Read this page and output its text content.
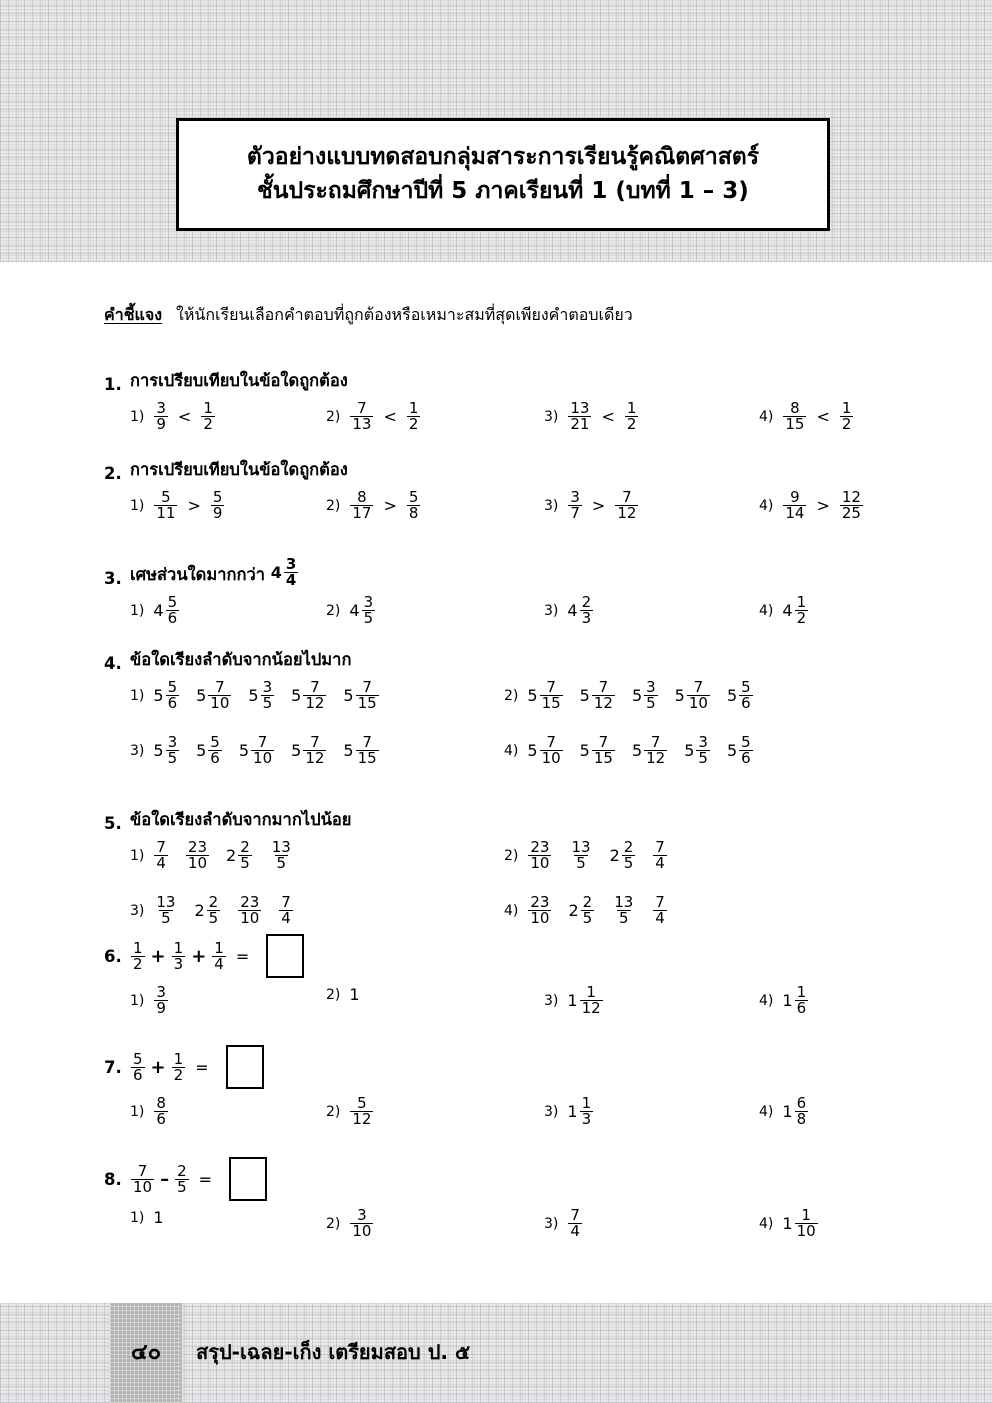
ตัวอย่างแบบทดสอบกลุ่มสาระการเรียนรู้คณิตศาสตร์
ชั้นประถมศึกษาปีที่ 5 ภาคเรียนที่ 1 (บทที่ 1 – 3)
คำชี้แจง ให้นักเรียนเลือกคำตอบที่ถูกต้องหรือเหมาะสมที่สุดเพียงคำตอบเดียว
1. การเปรียบเทียบในข้อใดถูกต้อง
$1) \frac{3}{9} < \frac{1}{2}$	$2) \frac{7}{13} < \frac{1}{2}$	$3) \frac{13}{21} < \frac{1}{2}$	$4) \frac{8}{15} < \frac{1}{2}$
2. การเปรียบเทียบในข้อใดถูกต้อง
$1) \frac{5}{11} > \frac{5}{9}$	$2) \frac{8}{17} > \frac{5}{8}$	$3) \frac{3}{7} > \frac{7}{12}$	$4) \frac{9}{14} > \frac{12}{25}$
3. เศษส่วนใดมากกว่า
$4 \frac{3}{4}$
1) $4 \frac{5}{6}$	2) $4 \frac{3}{5}$	3) $4 \frac{2}{3}$	4) $4 \frac{1}{2}$
4. ข้อใดเรียงลำดับจากน้อยไปมาก
1) $5 \frac{5}{6} 5 \frac{7}{10} 5 \frac{3}{5} 5 \frac{7}{12} 5 \frac{7}{15}$	2) $5 \frac{7}{15} 5 \frac{7}{12} 5 \frac{3}{5} 5 \frac{7}{10} 5 \frac{5}{6}$
3) $5 \frac{3}{5} 5 \frac{5}{6} 5 \frac{7}{10} 5 \frac{7}{12} 5 \frac{7}{15}$	4) $5 \frac{7}{10} 5 \frac{7}{15} 5 \frac{7}{12} 5 \frac{3}{5} 5 \frac{5}{6}$
5. ข้อใดเรียงลำดับจากมากไปน้อย
$1) \frac{7}{4} \frac{23}{10} 2 \frac{2}{5} \frac{13}{5}$	$2) \frac{23}{10} \frac{13}{5} 2 \frac{2}{5} \frac{7}{4}$
$3) \frac{13}{5} 2 \frac{2}{5} \frac{23}{10} \frac{7}{4}$	$4) \frac{23}{10} 2 \frac{2}{5} \frac{13}{5} \frac{7}{4}$
6. $\frac{1}{2} + \frac{1}{3} + \frac{1}{4}$ =
$1) \frac{3}{9}$	2) 1	3) $1 \frac{1}{12}$	4) $1 \frac{1}{6}$
7. $\frac{5}{6} + \frac{1}{2}$ =
$1) \frac{8}{6}$	$2) \frac{5}{12}$	3) $1 \frac{1}{3}$	4) $1 \frac{6}{8}$
8. $\frac{7}{10} - \frac{2}{5}$ =
1) 1	$2) \frac{3}{10}$	$3) \frac{7}{4}$	4) $1 \frac{1}{10}$
๔๐	สรุป-เฉลย-เก็ง เตรียมสอบ ป. ๕
